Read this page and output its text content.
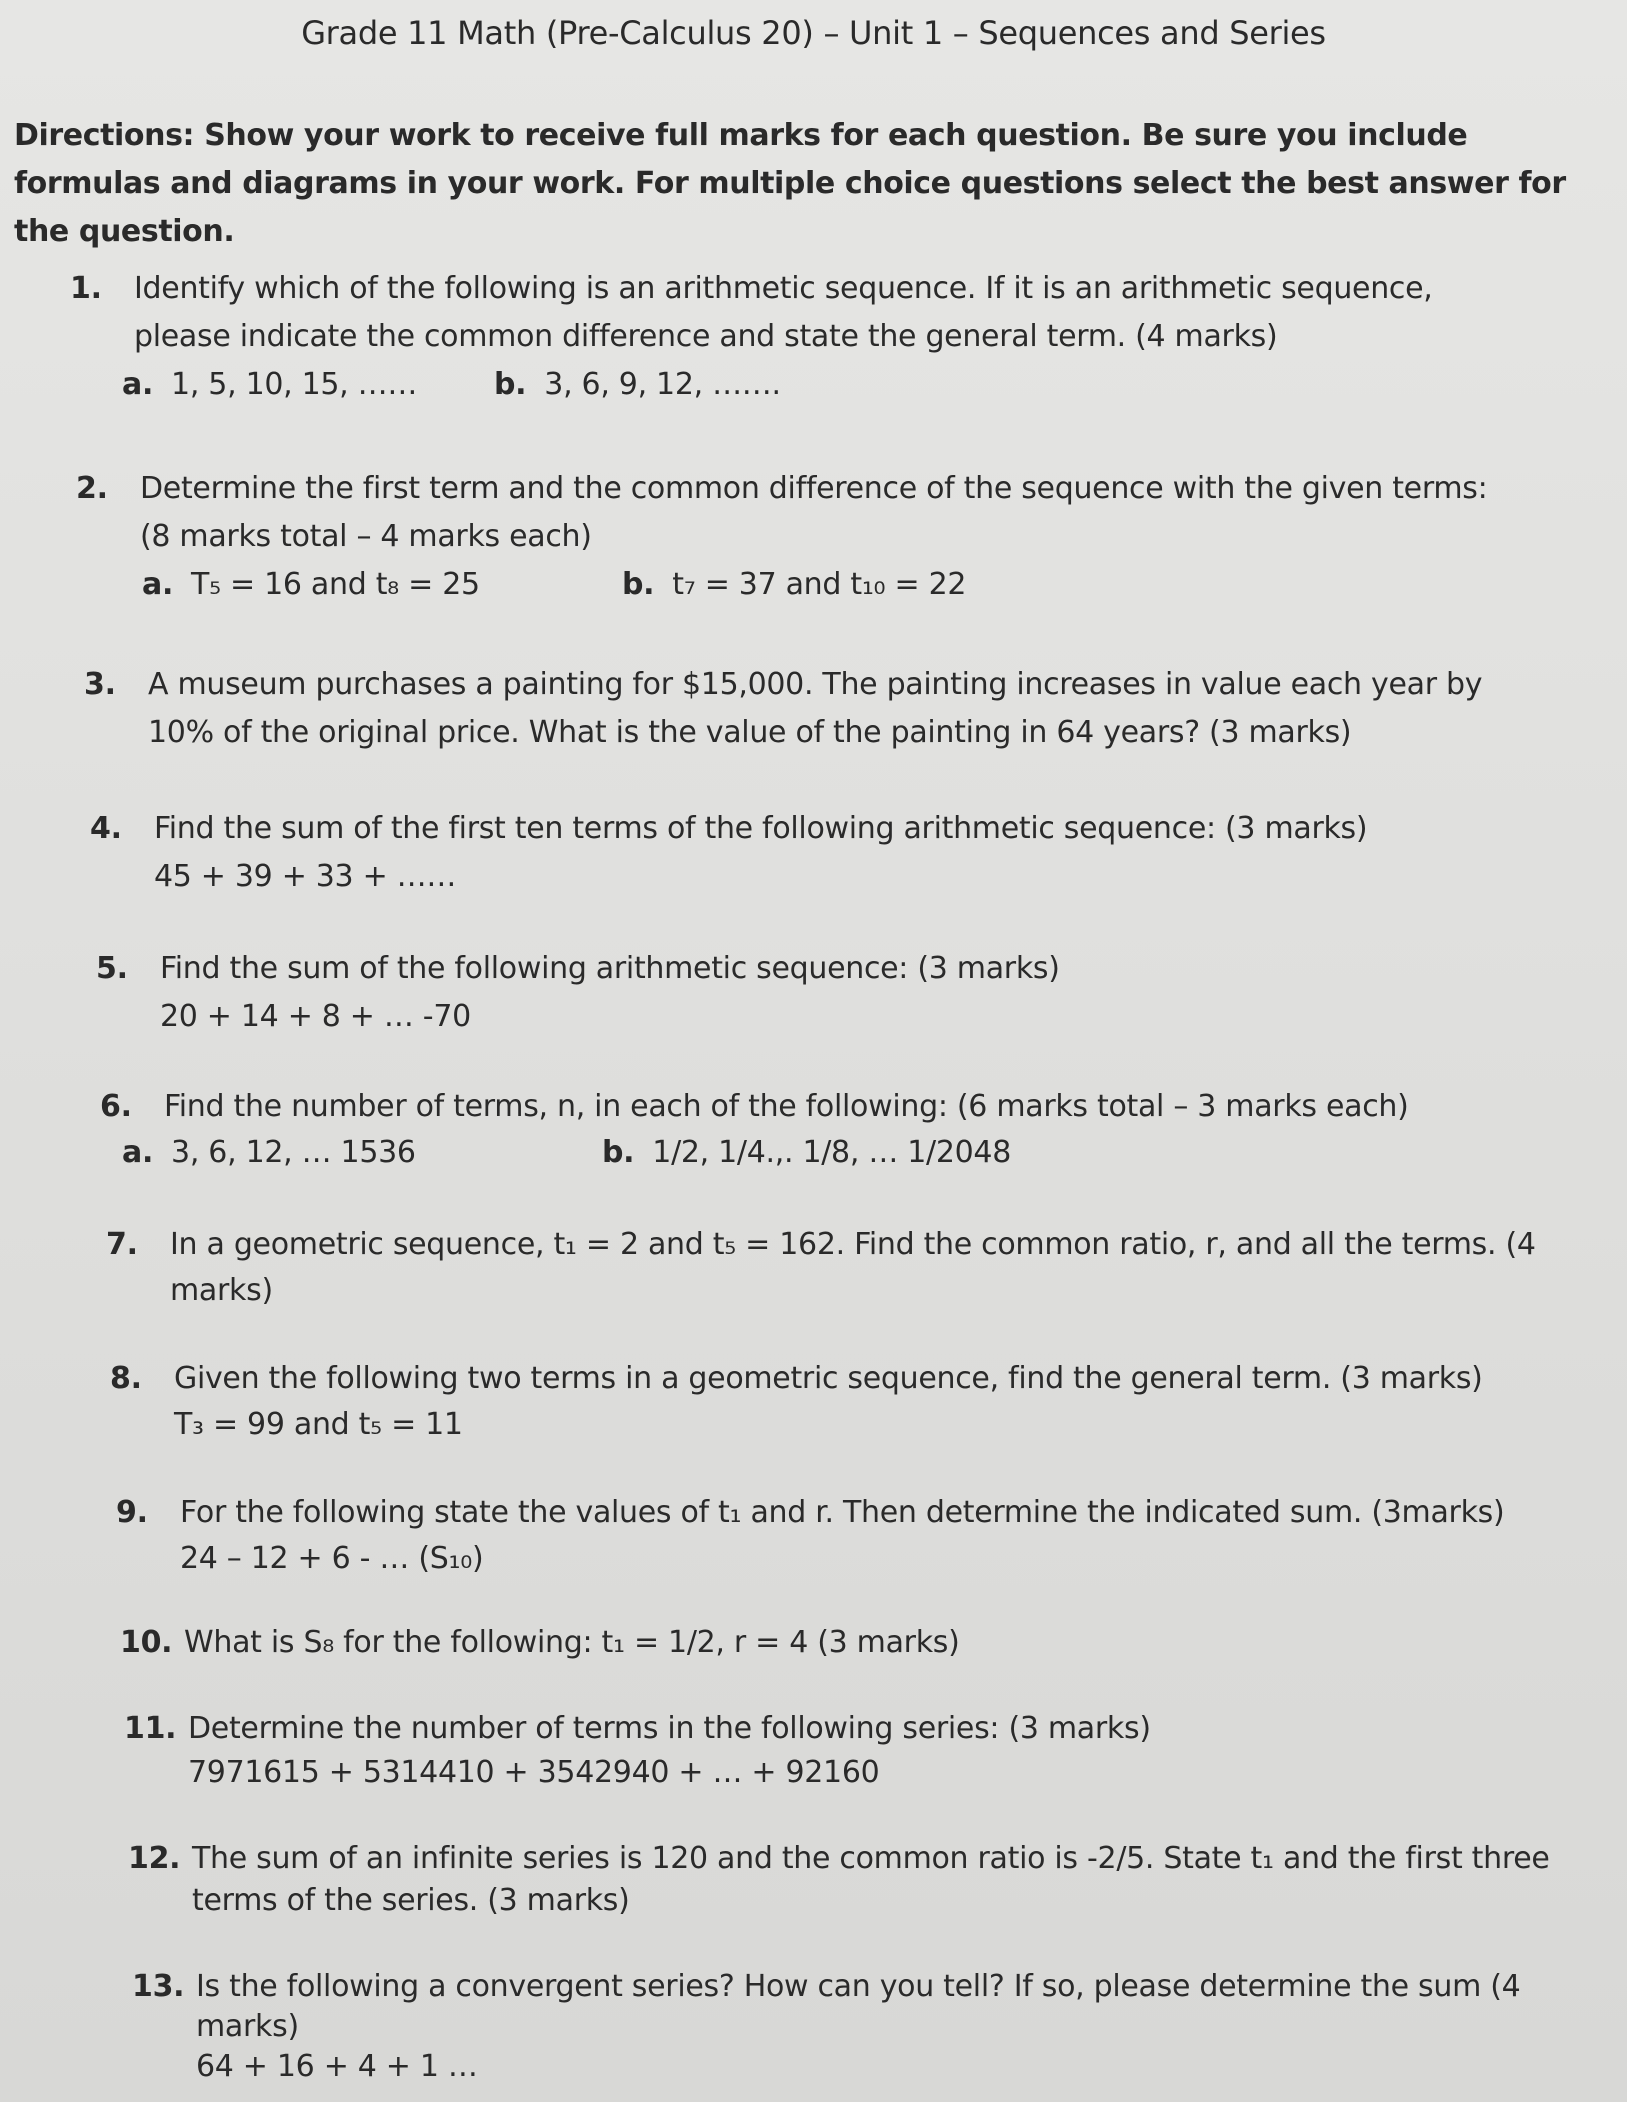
Grade 11 Math (Pre-Calculus 20) – Unit 1 – Sequences and Series
Directions: Show your work to receive full marks for each question. Be sure you include formulas and diagrams in your work. For multiple choice questions select the best answer for the question.
1. Identify which of the following is an arithmetic sequence. If it is an arithmetic sequence,
please indicate the common difference and state the general term. (4 marks)
a. 1, 5, 10, 15, ……	b. 3, 6, 9, 12, …….
2. Determine the first term and the common difference of the sequence with the given terms:
(8 marks total – 4 marks each)
a. T₅ = 16 and t₈ = 25	b. t₇ = 37 and t₁₀ = 22
3. A museum purchases a painting for $15,000. The painting increases in value each year by
10% of the original price. What is the value of the painting in 64 years? (3 marks)
4. Find the sum of the first ten terms of the following arithmetic sequence: (3 marks)
45 + 39 + 33 + ……
5. Find the sum of the following arithmetic sequence: (3 marks)
20 + 14 + 8 + … -70
6. Find the number of terms, n, in each of the following: (6 marks total – 3 marks each)
a. 3, 6, 12, … 1536	b. 1/2, 1/4.,. 1/8, … 1/2048
7. In a geometric sequence, t₁ = 2 and t₅ = 162. Find the common ratio, r, and all the terms. (4
marks)
8. Given the following two terms in a geometric sequence, find the general term. (3 marks)
T₃ = 99 and t₅ = 11
9. For the following state the values of t₁ and r. Then determine the indicated sum. (3marks)
24 – 12 + 6 - … (S₁₀)
10. What is S₈ for the following: t₁ = 1/2, r = 4 (3 marks)
11. Determine the number of terms in the following series: (3 marks)
7971615 + 5314410 + 3542940 + … + 92160
12. The sum of an infinite series is 120 and the common ratio is -2/5. State t₁ and the first three
terms of the series. (3 marks)
13. Is the following a convergent series? How can you tell? If so, please determine the sum (4
marks)
64 + 16 + 4 + 1 …
